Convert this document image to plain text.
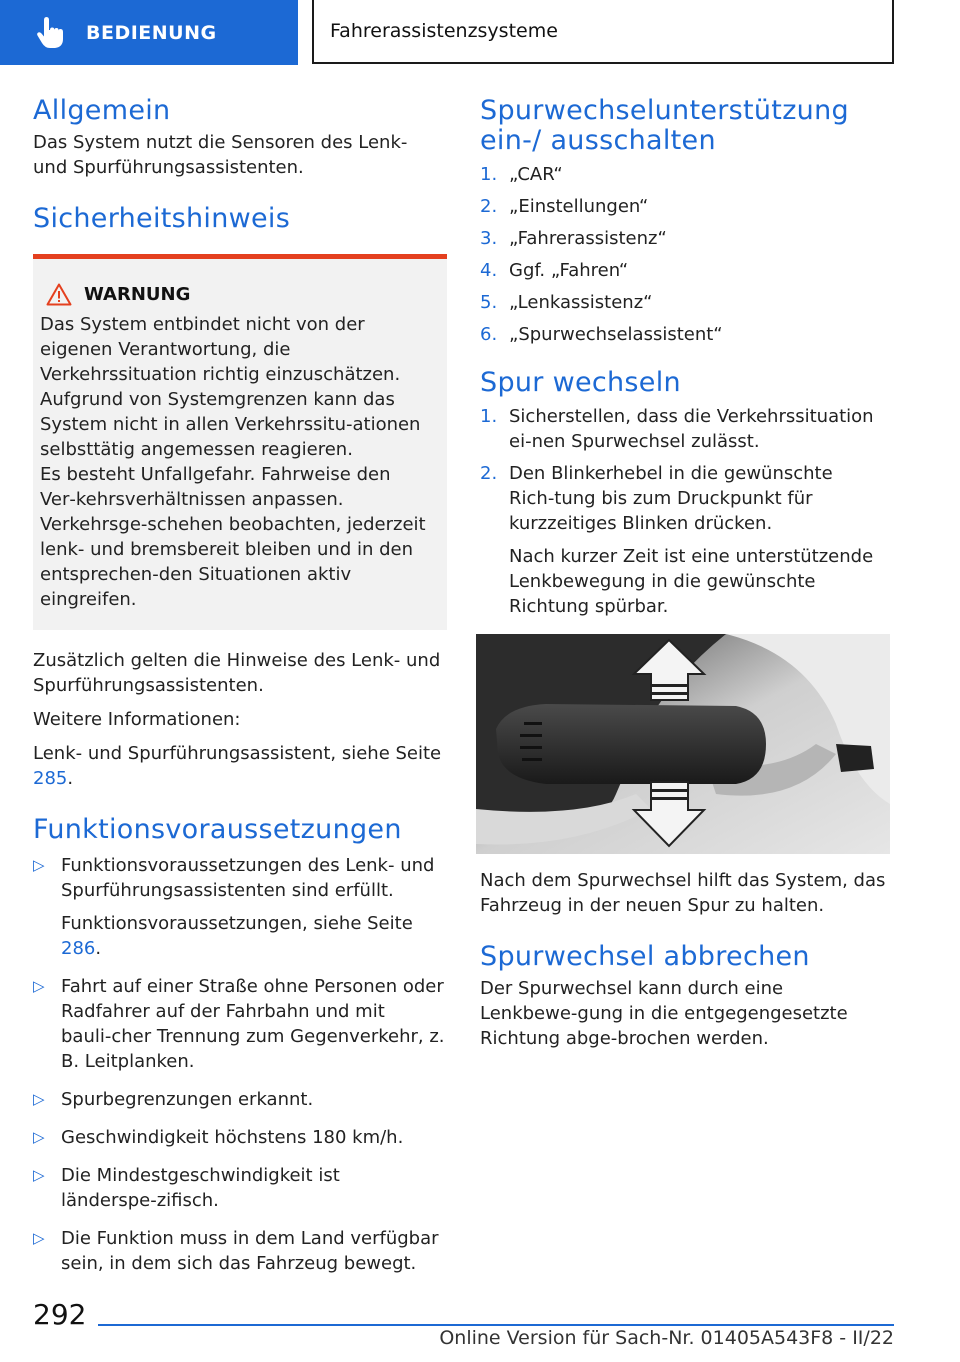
BEDIENUNG	Fahrerassistenzsysteme
Allgemein

Das System nutzt die Sensoren des Lenk- und Spurführungsassistenten.

Sicherheitshinweis
WARNUNG

Das System entbindet nicht von der eigenen Verantwortung, die Verkehrssituation richtig einzuschätzen. Aufgrund von Systemgrenzen kann das System nicht in allen Verkehrssitu‑ationen selbsttätig angemessen reagieren.

Es besteht Unfallgefahr. Fahrweise den Ver‑kehrsverhältnissen anpassen. Verkehrsge‑schehen beobachten, jederzeit lenk- und bremsbereit bleiben und in den entsprechen‑den Situationen aktiv eingreifen.

Zusätzlich gelten die Hinweise des Lenk- und Spurführungsassistenten.

Weitere Informationen:

Lenk- und Spurführungsassistent, siehe Seite 285.

Funktionsvoraussetzungen
▷ Funktionsvoraussetzungen des Lenk- und Spurführungsassistenten sind erfüllt.

Funktionsvoraussetzungen, siehe Seite 286.

▷ Fahrt auf einer Straße ohne Personen oder Radfahrer auf der Fahrbahn und mit bauli‑cher Trennung zum Gegenverkehr, z. B. Leitplanken.

▷ Spurbegrenzungen erkannt.

▷ Geschwindigkeit höchstens 180 km/h.

▷ Die Mindestgeschwindigkeit ist länderspe‑zifisch.

▷ Die Funktion muss in dem Land verfügbar sein, in dem sich das Fahrzeug bewegt.

Spurwechselunterstützung ein-/ ausschalten
1. „CAR“

2. „Einstellungen“

3. „Fahrerassistenz“

4. Ggf. „Fahren“

5. „Lenkassistenz“

6. „Spurwechselassistent“

Spur wechseln
1. Sicherstellen, dass die Verkehrssituation ei‑nen Spurwechsel zulässt.

2. Den Blinkerhebel in die gewünschte Rich‑tung bis zum Druckpunkt für kurzzeitiges Blinken drücken.

Nach kurzer Zeit ist eine unterstützende Lenkbewegung in die gewünschte Richtung spürbar.

Nach dem Spurwechsel hilft das System, das Fahrzeug in der neuen Spur zu halten.

Spurwechsel abbrechen

Der Spurwechsel kann durch eine Lenkbewe‑gung in die entgegengesetzte Richtung abge‑brochen werden.

292
Online Version für Sach-Nr. 01405A543F8 - II/22
